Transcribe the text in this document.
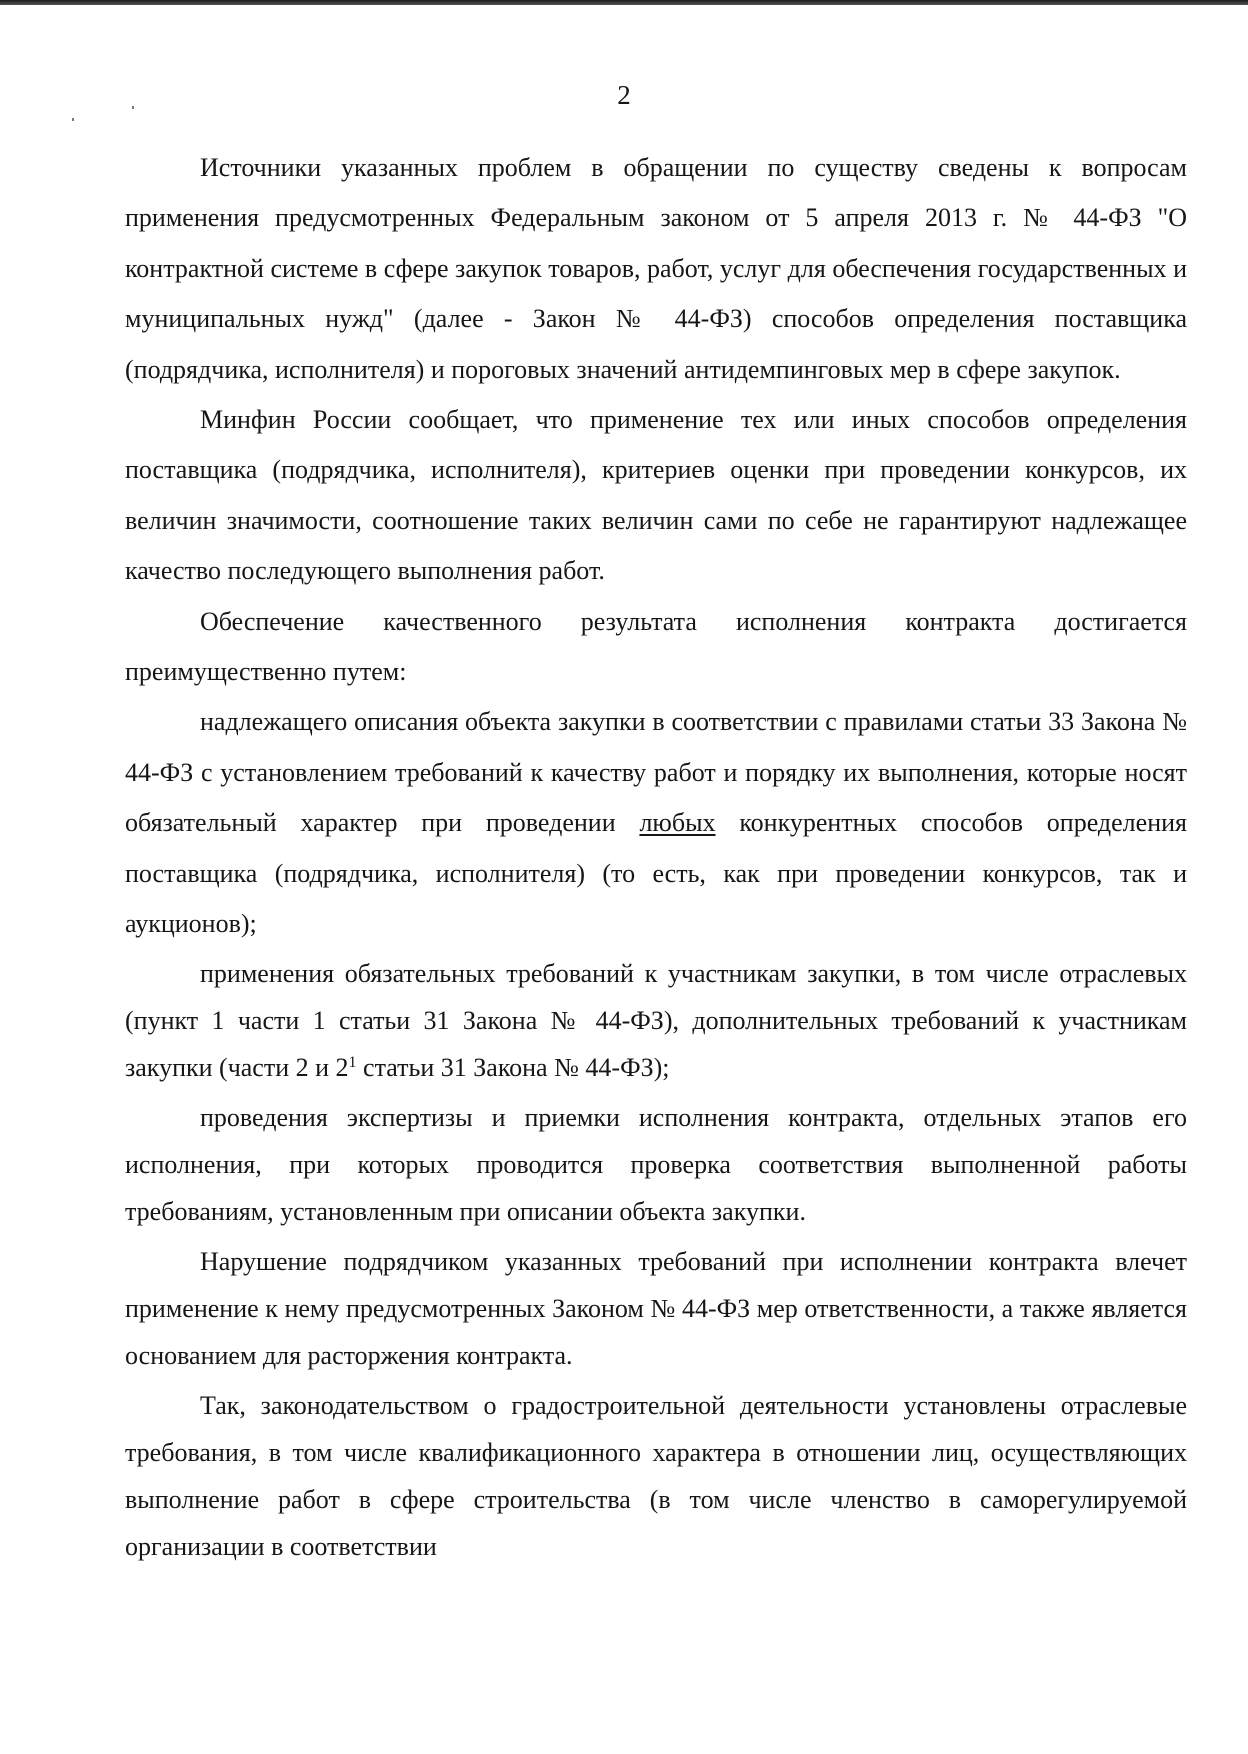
2

Источники указанных проблем в обращении по существу сведены к вопросам применения предусмотренных Федеральным законом от 5 апреля 2013 г. № 44-ФЗ "О контрактной системе в сфере закупок товаров, работ, услуг для обеспечения государственных и муниципальных нужд" (далее - Закон № 44-ФЗ) способов определения поставщика (подрядчика, исполнителя) и пороговых значений антидемпинговых мер в сфере закупок.

Минфин России сообщает, что применение тех или иных способов определения поставщика (подрядчика, исполнителя), критериев оценки при проведении конкурсов, их величин значимости, соотношение таких величин сами по себе не гарантируют надлежащее качество последующего выполнения работ.

Обеспечение качественного результата исполнения контракта достигается преимущественно путем:

надлежащего описания объекта закупки в соответствии с правилами статьи 33 Закона № 44-ФЗ с установлением требований к качеству работ и порядку их выполнения, которые носят обязательный характер при проведении любых конкурентных способов определения поставщика (подрядчика, исполнителя) (то есть, как при проведении конкурсов, так и аукционов);

применения обязательных требований к участникам закупки, в том числе отраслевых (пункт 1 части 1 статьи 31 Закона № 44-ФЗ), дополнительных требований к участникам закупки (части 2 и $2^1$ статьи 31 Закона № 44-ФЗ);

проведения экспертизы и приемки исполнения контракта, отдельных этапов его исполнения, при которых проводится проверка соответствия выполненной работы требованиям, установленным при описании объекта закупки.

Нарушение подрядчиком указанных требований при исполнении контракта влечет применение к нему предусмотренных Законом № 44-ФЗ мер ответственности, а также является основанием для расторжения контракта.

Так, законодательством о градостроительной деятельности установлены отраслевые требования, в том числе квалификационного характера в отношении лиц, осуществляющих выполнение работ в сфере строительства (в том числе членство в саморегулируемой организации в соответствии
